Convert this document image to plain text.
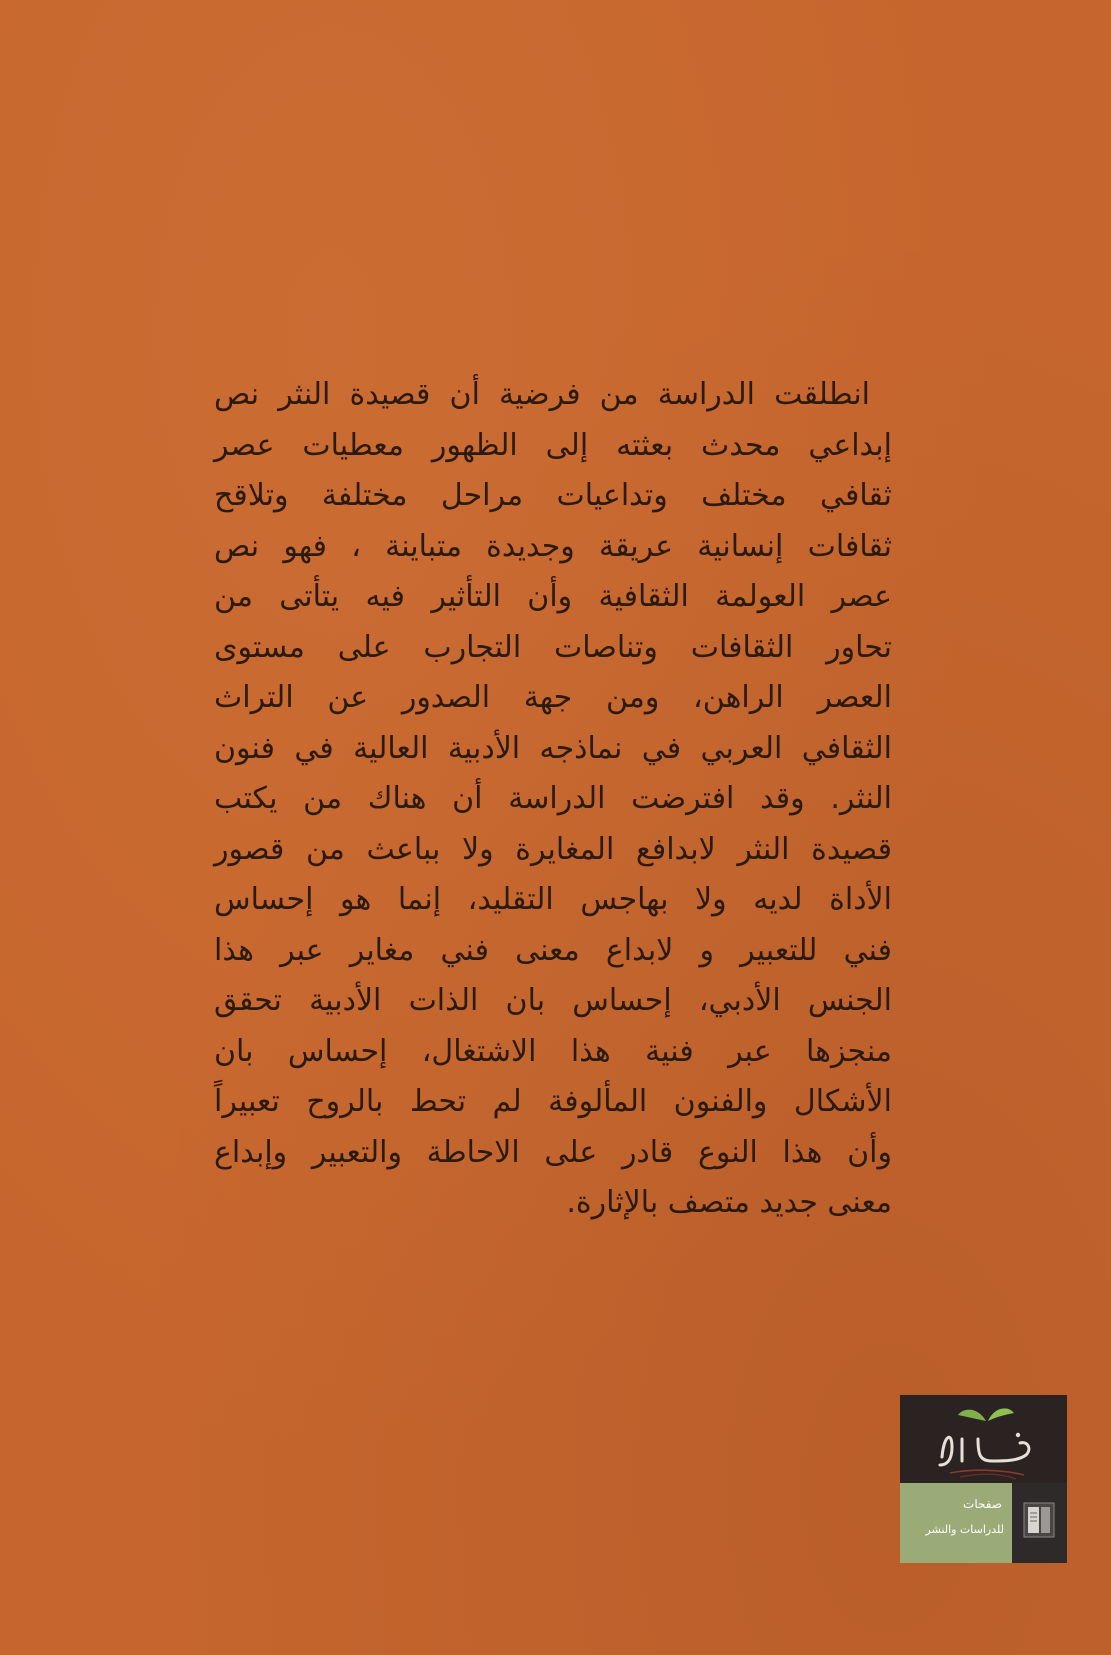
انطلقت الدراسة من فرضية أن قصيدة النثر نص
إبداعي محدث بعثته إلى الظهور معطيات عصر
ثقافي مختلف وتداعيات مراحل مختلفة وتلاقح
ثقافات إنسانية عريقة وجديدة متباينة ، فهو نص
عصر العولمة الثقافية وأن التأثير فيه يتأتى من
تحاور الثقافات وتناصات التجارب على مستوى
العصر الراهن، ومن جهة الصدور عن التراث
الثقافي العربي في نماذجه الأدبية العالية في فنون
النثر. وقد افترضت الدراسة أن هناك من يكتب
قصيدة النثر لابدافع المغايرة ولا بباعث من قصور
الأداة لديه ولا بهاجس التقليد، إنما هو إحساس
فني للتعبير و لابداع معنى فني مغاير عبر هذا
الجنس الأدبي، إحساس بان الذات الأدبية تحقق
منجزها عبر فنية هذا الاشتغال، إحساس بان
الأشكال والفنون المألوفة لم تحط بالروح تعبيراً
وأن هذا النوع قادر على الاحاطة والتعبير وإبداع
معنى جديد متصف بالإثارة.
صفحات
للدراسات والنشر
